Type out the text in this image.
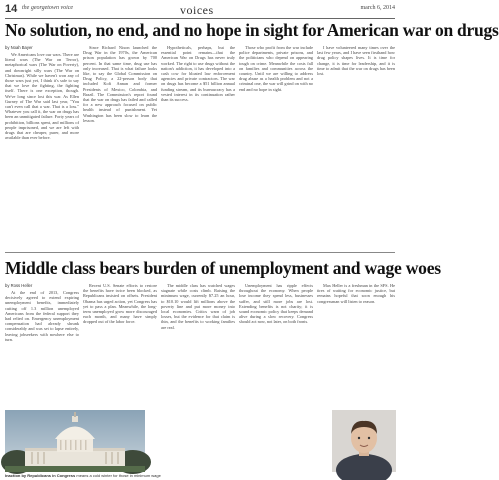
14 the georgetown voice	voices	march 6, 2014
No solution, no end, and no hope in sight for American war on drugs
by Noah Bayer

We Americans love our wars. There are literal wars (The War on Terror), metaphorical wars (The War on Poverty), and downright silly wars (The War on Christmas). While we haven't won any of those wars just yet, I think it's safe to say that we love the fighting, the fighting itself. There is one exception, though. We've long since lost this war. As Ellen Gurney of The War said last year, "You can't even call that a war. That is a loss." Whatever you call it, the war on drugs has been an unmitigated failure. Forty years of prohibition, billions spent, and millions of people imprisoned, and we are left with drugs that are cheaper, purer, and more available than ever before.

Since Richard Nixon launched the Drug War in the 1970s, the American prison population has grown by 700 percent. In that same time, drug use has only increased. That is what failure looks like, to say the Global Commission on Drug Policy, a 22-person body that included Kofi Annan and former Presidents of Mexico, Colombia, and Brazil. The Commission's report found that the war on drugs has failed and called for a new approach focused on public health instead of punishment. Yet Washington has been slow to learn the lesson.

Hypotheticals, perhaps, but the essential point remains—that the American War on Drugs has never truly worked. The right to use drugs without the nation's addiction, it has developed into a cash cow for bloated law enforcement agencies and private contractors. The war on drugs has become a $51 billion annual funding stream, and its bureaucracy has a vested interest in its continuation rather than its success.

Those who profit from the war include police departments, private prisons, and the politicians who depend on appearing tough on crime. Meanwhile the costs fall on families and communities across the country. Until we are willing to address drug abuse as a health problem and not a criminal one, the war will grind on with no end and no hope in sight.

I have volunteered many times over the last few years, and I have seen firsthand how drug policy shapes lives. It is time for change, it is time for leadership, and it is time to admit that the war on drugs has been lost.

Middle class bears burden of unemployment and wage woes
by Ross Heller

At the end of 2013, Congress decisively agreed to extend expiring unemployment benefits, immediately cutting off 1.3 million unemployed Americans from the federal support they had relied on. Emergency unemployment compensation had already shrunk considerably and was set to lapse entirely, leaving jobseekers with nowhere else to turn.

Recent U.S. Senate efforts to restore the benefits have twice been blocked, as Republicans insisted on offsets. President Obama has urged action, yet Congress has yet to pass a plan. Meanwhile, the long-term unemployed grow more discouraged each month, and many have simply dropped out of the labor force.

The middle class has watched wages stagnate while costs climb. Raising the minimum wage, currently $7.25 an hour, to $10.10 would lift millions above the poverty line and put more money into local economies. Critics warn of job losses, but the evidence for that claim is thin, and the benefits to working families are real.

Unemployment has ripple effects throughout the economy. When people lose income they spend less, businesses suffer, and still more jobs are lost. Extending benefits is not charity; it is sound economic policy that keeps demand alive during a slow recovery. Congress should act now, not later, on both fronts.

Max Heller is a freshman in the SFS. He tires of waiting for economic justice, but remains hopeful that soon enough his congressman will listen to reason.

Inaction by Republicans in Congress means a cold winter for those in minimum wage
